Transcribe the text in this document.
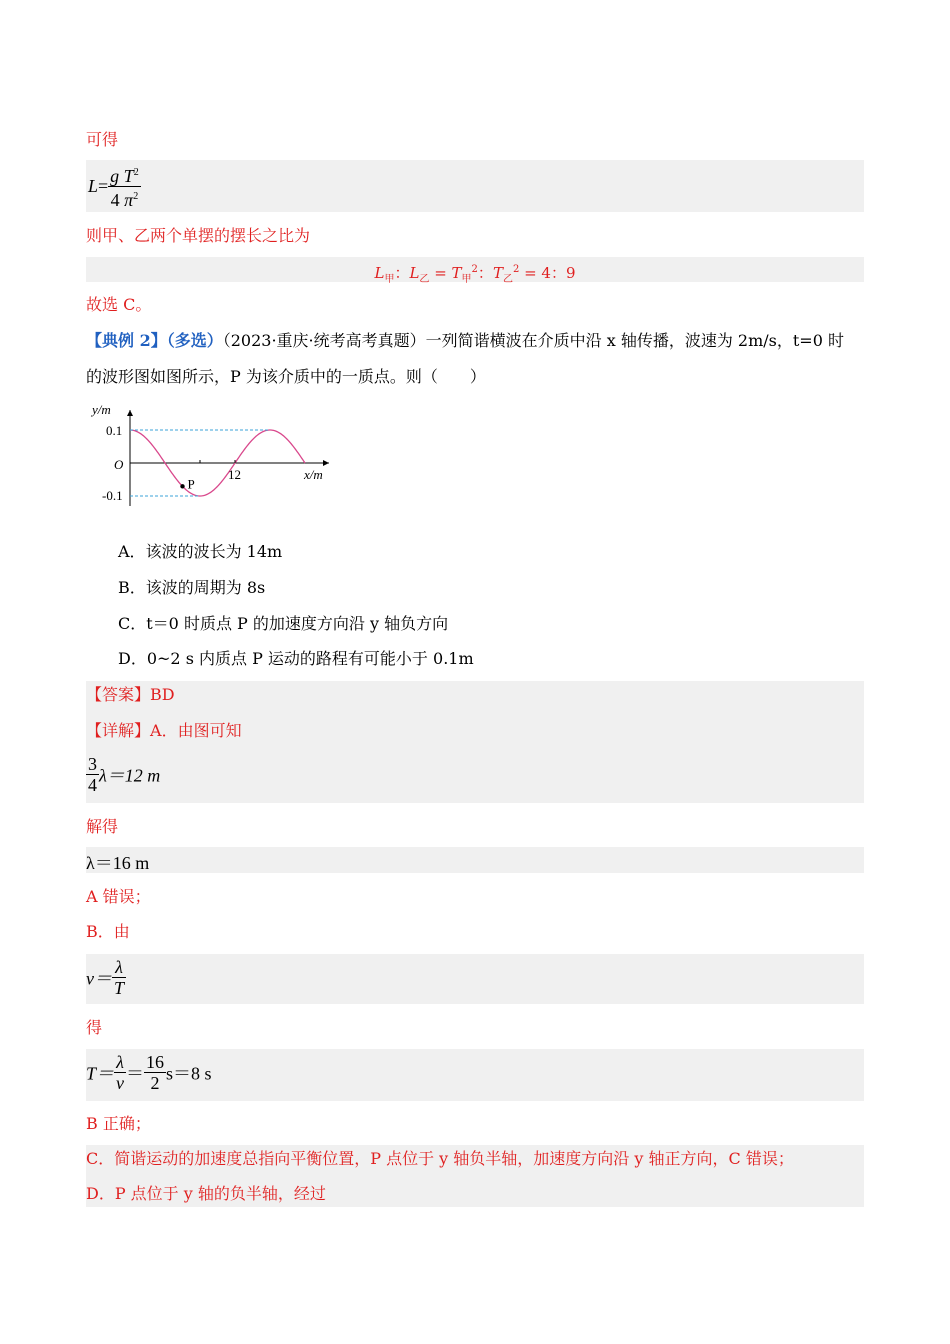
可得
$L= \frac{g T^2}{4 \pi^2}$
则甲、乙两个单摆的摆长之比为
$L_甲$：$L_乙 = T_甲^2$：$T_乙^2 = 4$：9
故选 C。
【典例 2】（多选）（2023·重庆·统考高考真题）一列简谐横波在介质中沿 x 轴传播，波速为 2m/s，t=0 时
的波形图如图所示，P 为该介质中的一质点。则（　　）
y/m
x/m
O
0.1
-0.1
12
P
A．该波的波长为 14m
B．该波的周期为 8s
C．t＝0 时质点 P 的加速度方向沿 y 轴负方向
D．0~2 s 内质点 P 运动的路程有可能小于 0.1m
【答案】BD
【详解】A．由图可知
$\frac{3}{4} \lambda=12$ m
解得
λ＝16 m
A 错误；
B．由
$v= \frac{\lambda}{T}$
得
$T= \frac{\lambda}{v} = \frac{16}{2} s=8$ s
B 正确；
C．简谐运动的加速度总指向平衡位置，P 点位于 y 轴负半轴，加速度方向沿 y 轴正方向，C 错误；
D．P 点位于 y 轴的负半轴，经过
